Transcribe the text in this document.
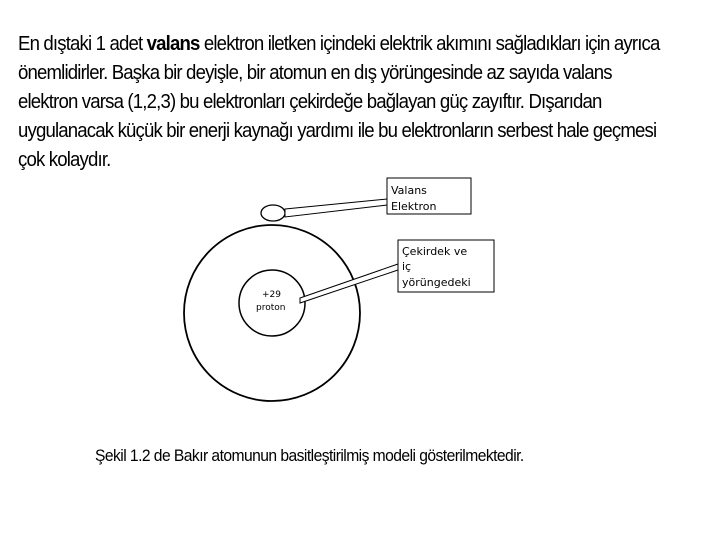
En dıştaki 1 adet valans elektron iletken içindeki elektrik akımını sağladıkları için ayrıca önemlidirler. Başka bir deyişle, bir atomun en dış yörüngesinde az sayıda valans elektron varsa (1,2,3) bu elektronları çekirdeğe bağlayan güç zayıftır. Dışarıdan uygulanacak küçük bir enerji kaynağı yardımı ile bu elektronların serbest hale geçmesi çok kolaydır.

+29
proton
Valans
Elektron
Çekirdek ve
iç
yörüngedeki

Şekil 1.2 de Bakır atomunun basitleştirilmiş modeli gösterilmektedir.
